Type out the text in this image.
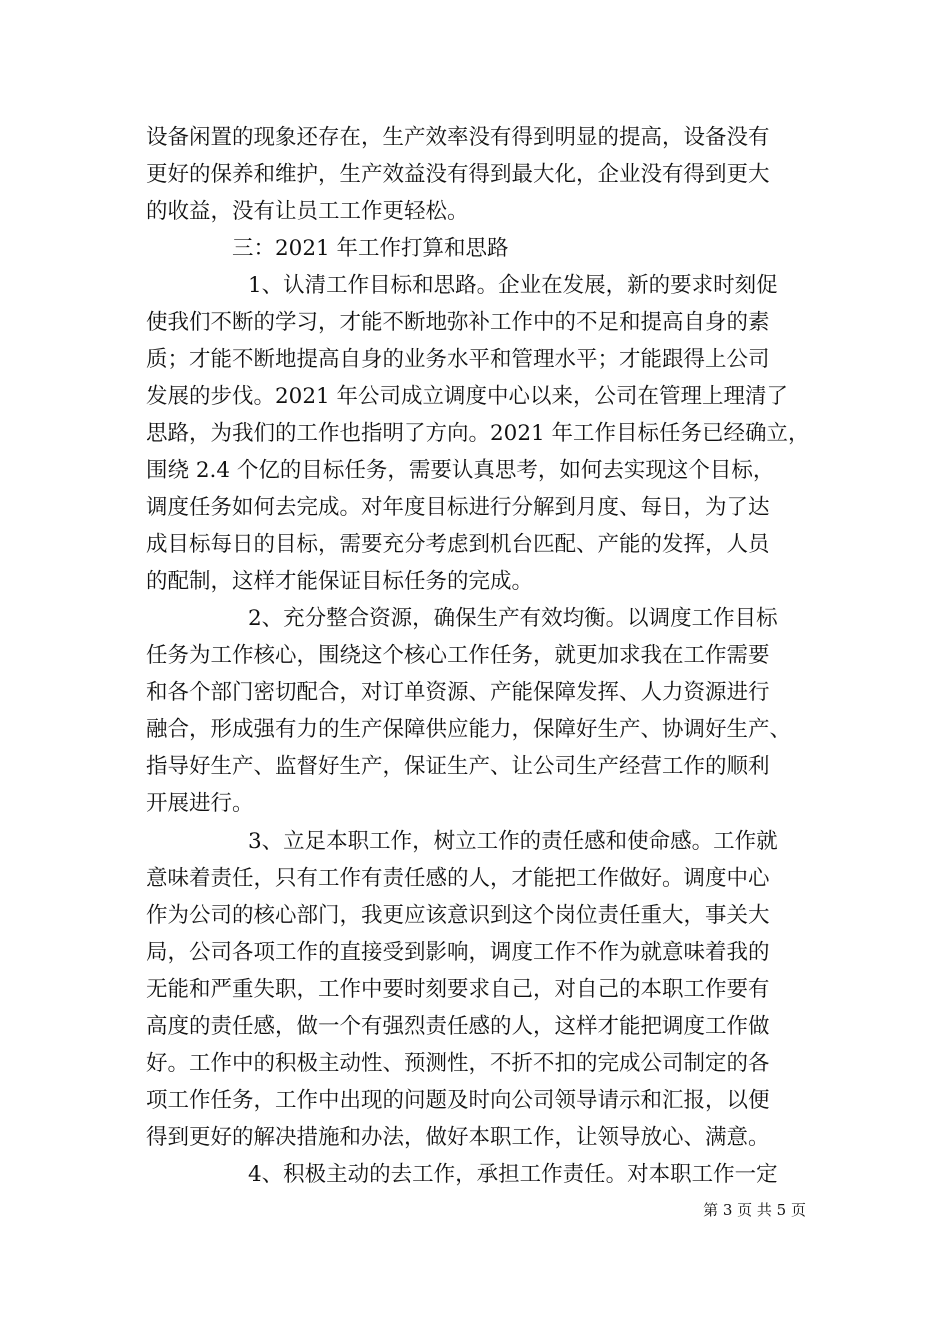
设备闲置的现象还存在，生产效率没有得到明显的提高，设备没有

更好的保养和维护，生产效益没有得到最大化，企业没有得到更大

的收益，没有让员工工作更轻松。

三：2021 年工作打算和思路

1、认清工作目标和思路。企业在发展，新的要求时刻促

使我们不断的学习，才能不断地弥补工作中的不足和提高自身的素

质；才能不断地提高自身的业务水平和管理水平；才能跟得上公司

发展的步伐。2021 年公司成立调度中心以来，公司在管理上理清了

思路，为我们的工作也指明了方向。2021 年工作目标任务已经确立，

围绕 2.4 个亿的目标任务，需要认真思考，如何去实现这个目标，

调度任务如何去完成。对年度目标进行分解到月度、每日，为了达

成目标每日的目标，需要充分考虑到机台匹配、产能的发挥，人员

的配制，这样才能保证目标任务的完成。

2、充分整合资源，确保生产有效均衡。以调度工作目标

任务为工作核心，围绕这个核心工作任务，就更加求我在工作需要

和各个部门密切配合，对订单资源、产能保障发挥、人力资源进行

融合，形成强有力的生产保障供应能力，保障好生产、协调好生产、

指导好生产、监督好生产，保证生产、让公司生产经营工作的顺利

开展进行。

3、立足本职工作，树立工作的责任感和使命感。工作就

意味着责任，只有工作有责任感的人，才能把工作做好。调度中心

作为公司的核心部门，我更应该意识到这个岗位责任重大，事关大

局，公司各项工作的直接受到影响，调度工作不作为就意味着我的

无能和严重失职，工作中要时刻要求自己，对自己的本职工作要有

高度的责任感，做一个有强烈责任感的人，这样才能把调度工作做

好。工作中的积极主动性、预测性，不折不扣的完成公司制定的各

项工作任务，工作中出现的问题及时向公司领导请示和汇报，以便

得到更好的解决措施和办法，做好本职工作，让领导放心、满意。

4、积极主动的去工作，承担工作责任。对本职工作一定

第 3 页 共 5 页
